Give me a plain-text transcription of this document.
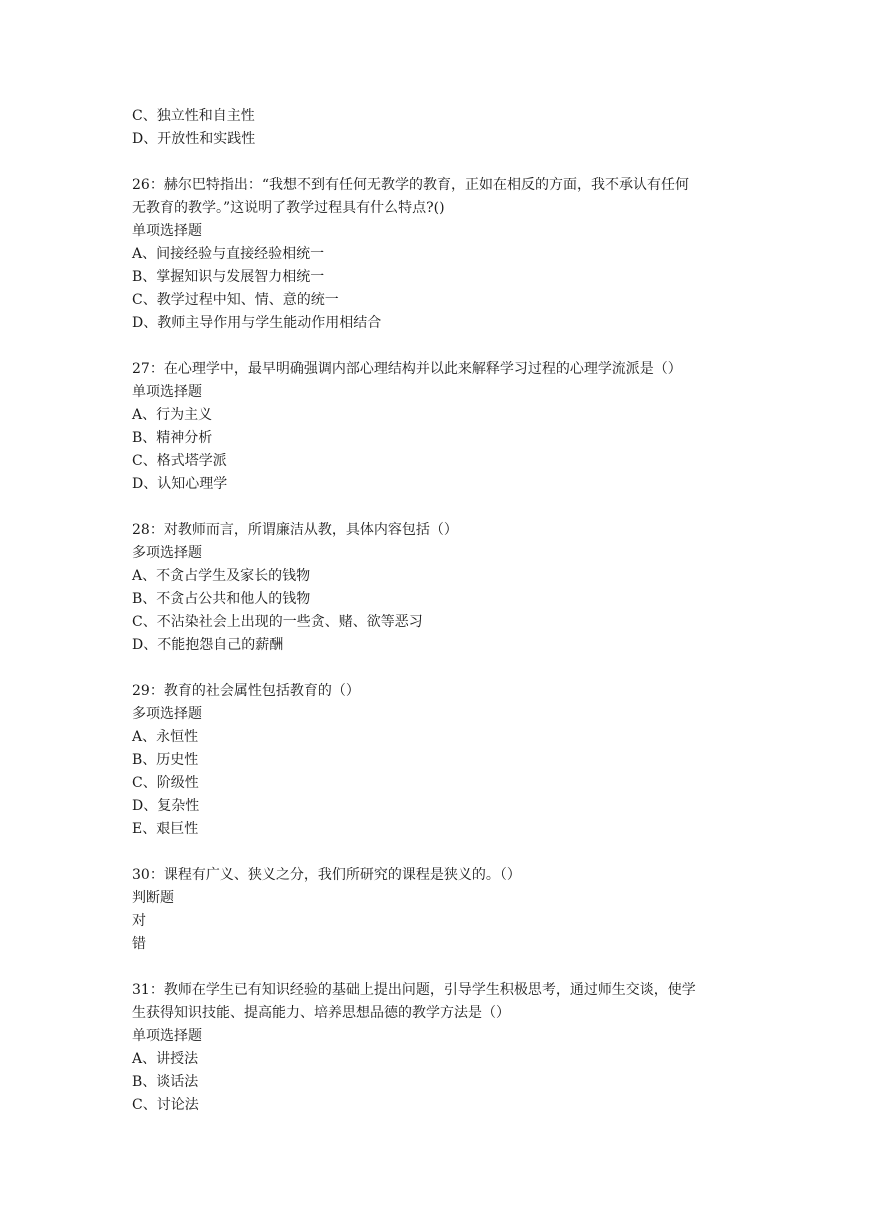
C、独立性和自主性
D、开放性和实践性
26：赫尔巴特指出：“我想不到有任何无教学的教育，正如在相反的方面，我不承认有任何
无教育的教学。”这说明了教学过程具有什么特点?()
单项选择题
A、间接经验与直接经验相统一
B、掌握知识与发展智力相统一
C、教学过程中知、情、意的统一
D、教师主导作用与学生能动作用相结合
27：在心理学中，最早明确强调内部心理结构并以此来解释学习过程的心理学流派是（）
单项选择题
A、行为主义
B、精神分析
C、格式塔学派
D、认知心理学
28：对教师而言，所谓廉洁从教，具体内容包括（）
多项选择题
A、不贪占学生及家长的钱物
B、不贪占公共和他人的钱物
C、不沾染社会上出现的一些贪、赌、欲等恶习
D、不能抱怨自己的薪酬
29：教育的社会属性包括教育的（）
多项选择题
A、永恒性
B、历史性
C、阶级性
D、复杂性
E、艰巨性
30：课程有广义、狭义之分，我们所研究的课程是狭义的。（）
判断题
对
错
31：教师在学生已有知识经验的基础上提出问题，引导学生积极思考，通过师生交谈，使学
生获得知识技能、提高能力、培养思想品德的教学方法是（）
单项选择题
A、讲授法
B、谈话法
C、讨论法
